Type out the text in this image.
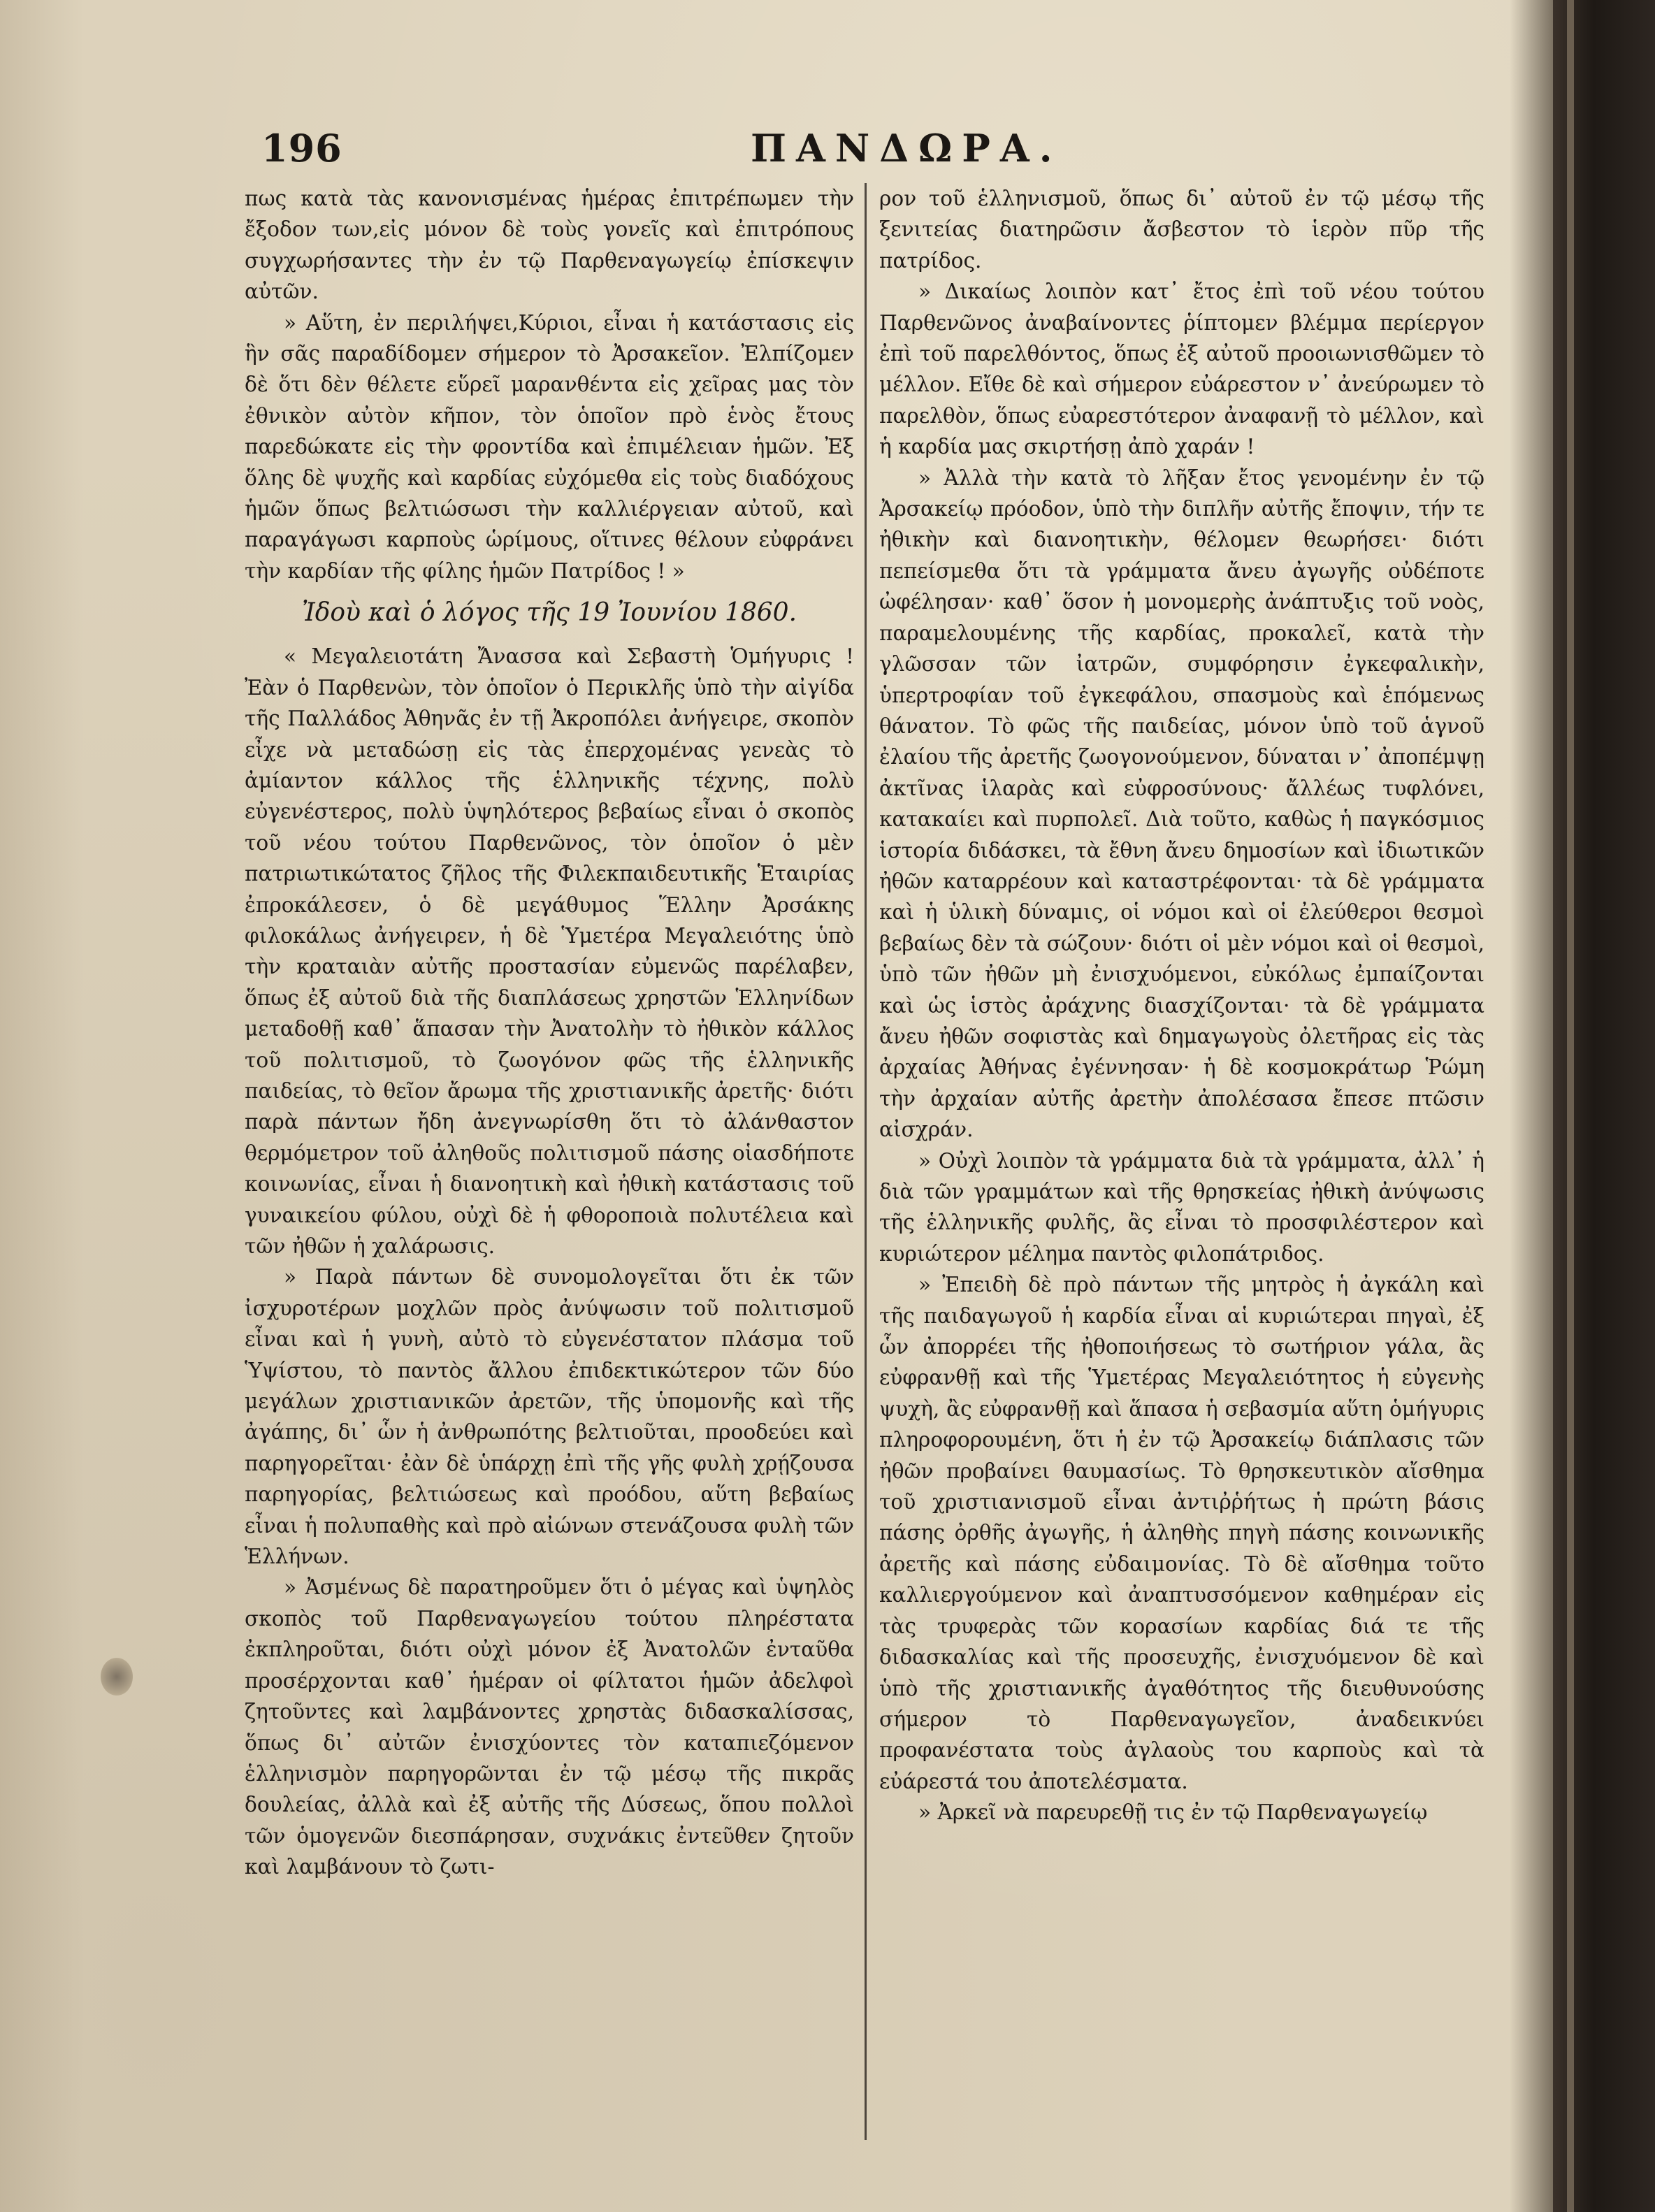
196	ΠΑΝΔΩΡΑ.

πως κατὰ τὰς κανονισμένας ἡμέρας ἐπιτρέπωμεν τὴν ἔξοδον των,εἰς μόνον δὲ τοὺς γονεῖς καὶ ἐπιτρόπους συγχωρήσαντες τὴν ἐν τῷ Παρθεναγωγείῳ ἐπίσκεψιν αὐτῶν.

» Αὕτη, ἐν περιλήψει,Κύριοι, εἶναι ἡ κατάστασις εἰς ἣν σᾶς παραδίδομεν σήμερον τὸ Ἀρσακεῖον. Ἐλπίζομεν δὲ ὅτι δὲν θέλετε εὕρεῖ μαρανθέντα εἰς χεῖρας μας τὸν ἐθνικὸν αὐτὸν κῆπον, τὸν ὁποῖον πρὸ ἑνὸς ἔτους παρεδώκατε εἰς τὴν φροντίδα καὶ ἐπιμέλειαν ἡμῶν. Ἐξ ὅλης δὲ ψυχῆς καὶ καρδίας εὐχόμεθα εἰς τοὺς διαδόχους ἡμῶν ὅπως βελτιώσωσι τὴν καλλιέργειαν αὐτοῦ, καὶ παραγάγωσι καρποὺς ὡρίμους, οἵτινες θέλουν εὐφράνει τὴν καρδίαν τῆς φίλης ἡμῶν Πατρίδος ! »

Ἰδοὺ καὶ ὁ λόγος τῆς 19 Ἰουνίου 1860.

« Μεγαλειοτάτη Ἄνασσα καὶ Σεβαστὴ Ὁμήγυρις ! Ἐὰν ὁ Παρθενὼν, τὸν ὁποῖον ὁ Περικλῆς ὑπὸ τὴν αἰγίδα τῆς Παλλάδος Ἀθηνᾶς ἐν τῇ Ἀκροπόλει ἀνήγειρε, σκοπὸν εἶχε νὰ μεταδώσῃ εἰς τὰς ἐπερχομένας γενεὰς τὸ ἀμίαντον κάλλος τῆς ἑλληνικῆς τέχνης, πολὺ εὐγενέστερος, πολὺ ὑψηλότερος βεβαίως εἶναι ὁ σκοπὸς τοῦ νέου τούτου Παρθενῶνος, τὸν ὁποῖον ὁ μὲν πατριωτικώτατος ζῆλος τῆς Φιλεκπαιδευτικῆς Ἑταιρίας ἐπροκάλεσεν, ὁ δὲ μεγάθυμος Ἕλλην Ἀρσάκης φιλοκάλως ἀνήγειρεν, ἡ δὲ Ὑμετέρα Μεγαλειότης ὑπὸ τὴν κραταιὰν αὐτῆς προστασίαν εὐμενῶς παρέλαβεν, ὅπως ἐξ αὐτοῦ διὰ τῆς διαπλάσεως χρηστῶν Ἑλληνίδων μεταδοθῇ καθ᾽ ἅπασαν τὴν Ἀνατολὴν τὸ ἠθικὸν κάλλος τοῦ πολιτισμοῦ, τὸ ζωογόνον φῶς τῆς ἑλληνικῆς παιδείας, τὸ θεῖον ἄρωμα τῆς χριστιανικῆς ἀρετῆς· διότι παρὰ πάντων ἤδη ἀνεγνωρίσθη ὅτι τὸ ἀλάνθαστον θερμόμετρον τοῦ ἀληθοῦς πολιτισμοῦ πάσης οἱασδήποτε κοινωνίας, εἶναι ἡ διανοητικὴ καὶ ἠθικὴ κατάστασις τοῦ γυναικείου φύλου, οὐχὶ δὲ ἡ φθοροποιὰ πολυτέλεια καὶ τῶν ἠθῶν ἡ χαλάρωσις.

» Παρὰ πάντων δὲ συνομολογεῖται ὅτι ἐκ τῶν ἰσχυροτέρων μοχλῶν πρὸς ἀνύψωσιν τοῦ πολιτισμοῦ εἶναι καὶ ἡ γυνὴ, αὐτὸ τὸ εὐγενέστατον πλάσμα τοῦ Ὑψίστου, τὸ παντὸς ἄλλου ἐπιδεκτικώτερον τῶν δύο μεγάλων χριστιανικῶν ἀρετῶν, τῆς ὑπομονῆς καὶ τῆς ἀγάπης, δι᾽ ὧν ἡ ἀνθρωπότης βελτιοῦται, προοδεύει καὶ παρηγορεῖται· ἐὰν δὲ ὑπάρχῃ ἐπὶ τῆς γῆς φυλὴ χρῄζουσα παρηγορίας, βελτιώσεως καὶ προόδου, αὕτη βεβαίως εἶναι ἡ πολυπαθὴς καὶ πρὸ αἰώνων στενάζουσα φυλὴ τῶν Ἑλλήνων.

» Ἀσμένως δὲ παρατηροῦμεν ὅτι ὁ μέγας καὶ ὑψηλὸς σκοπὸς τοῦ Παρθεναγωγείου τούτου πληρέστατα ἐκπληροῦται, διότι οὐχὶ μόνον ἐξ Ἀνατολῶν ἐνταῦθα προσέρχονται καθ᾽ ἡμέραν οἱ φίλτατοι ἡμῶν ἀδελφοὶ ζητοῦντες καὶ λαμβάνοντες χρηστὰς διδασκαλίσσας, ὅπως δι᾽ αὐτῶν ἐνισχύοντες τὸν καταπιεζόμενον ἑλληνισμὸν παρηγορῶνται ἐν τῷ μέσῳ τῆς πικρᾶς δουλείας, ἀλλὰ καὶ ἐξ αὐτῆς τῆς Δύσεως, ὅπου πολλοὶ τῶν ὁμογενῶν διεσπάρησαν, συχνάκις ἐντεῦθεν ζητοῦν καὶ λαμβάνουν τὸ ζωτι-

ρον τοῦ ἑλληνισμοῦ, ὅπως δι᾽ αὐτοῦ ἐν τῷ μέσῳ τῆς ξενιτείας διατηρῶσιν ἄσβεστον τὸ ἱερὸν πῦρ τῆς πατρίδος.

» Δικαίως λοιπὸν κατ᾽ ἔτος ἐπὶ τοῦ νέου τούτου Παρθενῶνος ἀναβαίνοντες ῥίπτομεν βλέμμα περίεργον ἐπὶ τοῦ παρελθόντος, ὅπως ἐξ αὐτοῦ προοιωνισθῶμεν τὸ μέλλον. Εἴθε δὲ καὶ σήμερον εὐάρεστον ν᾽ ἀνεύρωμεν τὸ παρελθὸν, ὅπως εὐαρεστότερον ἀναφανῇ τὸ μέλλον, καὶ ἡ καρδία μας σκιρτήσῃ ἀπὸ χαράν !

» Ἀλλὰ τὴν κατὰ τὸ λῆξαν ἔτος γενομένην ἐν τῷ Ἀρσακείῳ πρόοδον, ὑπὸ τὴν διπλῆν αὐτῆς ἔποψιν, τήν τε ἠθικὴν καὶ διανοητικὴν, θέλομεν θεωρήσει· διότι πεπείσμεθα ὅτι τὰ γράμματα ἄνευ ἀγωγῆς οὐδέποτε ὠφέλησαν· καθ᾽ ὅσον ἡ μονομερὴς ἀνάπτυξις τοῦ νοὸς, παραμελουμένης τῆς καρδίας, προκαλεῖ, κατὰ τὴν γλῶσσαν τῶν ἰατρῶν, συμφόρησιν ἐγκεφαλικὴν, ὑπερτροφίαν τοῦ ἐγκεφάλου, σπασμοὺς καὶ ἑπόμενως θάνατον. Τὸ φῶς τῆς παιδείας, μόνον ὑπὸ τοῦ ἁγνοῦ ἐλαίου τῆς ἀρετῆς ζωογονούμενον, δύναται ν᾽ ἀποπέμψῃ ἀκτῖνας ἱλαρὰς καὶ εὐφροσύνους· ἄλλέως τυφλόνει, κατακαίει καὶ πυρπολεῖ. Διὰ τοῦτο, καθὼς ἡ παγκόσμιος ἱστορία διδάσκει, τὰ ἔθνη ἄνευ δημοσίων καὶ ἰδιωτικῶν ἠθῶν καταρρέουν καὶ καταστρέφονται· τὰ δὲ γράμματα καὶ ἡ ὑλικὴ δύναμις, οἱ νόμοι καὶ οἱ ἐλεύθεροι θεσμοὶ βεβαίως δὲν τὰ σώζουν· διότι οἱ μὲν νόμοι καὶ οἱ θεσμοὶ, ὑπὸ τῶν ἠθῶν μὴ ἐνισχυόμενοι, εὐκόλως ἐμπαίζονται καὶ ὡς ἱστὸς ἀράχνης διασχίζονται· τὰ δὲ γράμματα ἄνευ ἠθῶν σοφιστὰς καὶ δημαγωγοὺς ὀλετῆρας εἰς τὰς ἀρχαίας Ἀθήνας ἐγέννησαν· ἡ δὲ κοσμοκράτωρ Ῥώμη τὴν ἀρχαίαν αὐτῆς ἀρετὴν ἀπολέσασα ἔπεσε πτῶσιν αἰσχράν.

» Οὐχὶ λοιπὸν τὰ γράμματα διὰ τὰ γράμματα, ἀλλ᾽ ἡ διὰ τῶν γραμμάτων καὶ τῆς θρησκείας ἠθικὴ ἀνύψωσις τῆς ἑλληνικῆς φυλῆς, ἂς εἶναι τὸ προσφιλέστερον καὶ κυριώτερον μέλημα παντὸς φιλοπάτριδος.

» Ἐπειδὴ δὲ πρὸ πάντων τῆς μητρὸς ἡ ἀγκάλη καὶ τῆς παιδαγωγοῦ ἡ καρδία εἶναι αἱ κυριώτεραι πηγαὶ, ἐξ ὧν ἀπορρέει τῆς ἠθοποιήσεως τὸ σωτήριον γάλα, ἂς εὐφρανθῇ καὶ τῆς Ὑμετέρας Μεγαλειότητος ἡ εὐγενὴς ψυχὴ, ἂς εὐφρανθῇ καὶ ἅπασα ἡ σεβασμία αὕτη ὁμήγυρις πληροφορουμένη, ὅτι ἡ ἐν τῷ Ἀρσακείῳ διάπλασις τῶν ἠθῶν προβαίνει θαυμασίως. Τὸ θρησκευτικὸν αἴσθημα τοῦ χριστιανισμοῦ εἶναι ἀντιῤῥήτως ἡ πρώτη βάσις πάσης ὀρθῆς ἀγωγῆς, ἡ ἀληθὴς πηγὴ πάσης κοινωνικῆς ἀρετῆς καὶ πάσης εὐδαιμονίας. Τὸ δὲ αἴσθημα τοῦτο καλλιεργούμενον καὶ ἀναπτυσσόμενον καθημέραν εἰς τὰς τρυφερὰς τῶν κορασίων καρδίας διά τε τῆς διδασκαλίας καὶ τῆς προσευχῆς, ἐνισχυόμενον δὲ καὶ ὑπὸ τῆς χριστιανικῆς ἀγαθότητος τῆς διευθυνούσης σήμερον τὸ Παρθεναγωγεῖον, ἀναδεικνύει προφανέστατα τοὺς ἀγλαοὺς του καρποὺς καὶ τὰ εὐάρεστά του ἀποτελέσματα.

» Ἀρκεῖ νὰ παρευρεθῇ τις ἐν τῷ Παρθεναγωγείῳ
